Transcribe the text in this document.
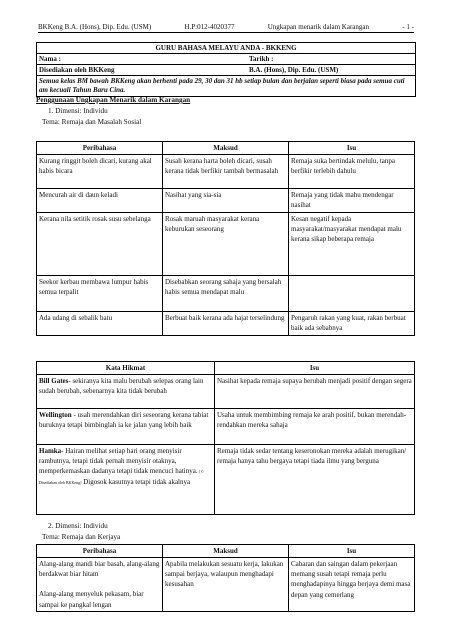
BKKeng B.A. (Hons), Dip. Edu. (USM)	H.P:012-4020377	Ungkapan menarik dalam Karangan	- 1 -
GURU BAHASA MELAYU ANDA - BKKENG
Nama :	Tarikh :
Disediakan oleh BKKeng	B.A. (Hons), Dip. Edu. (USM)
Semua kelas BM bawah BKKeng akan berhenti pada 29, 30 dan 31 hb setiap bulan dan berjalan seperti biasa pada semua cuti am kecuali Tahun Baru Cina.
Penggunaan Ungkapan Menarik dalam Karangan
1. Dimensi: Individu
Tema: Remaja dan Masalah Sosial
Peribahasa	Maksud	Isu
Kurang ringgit boleh dicari, kurang akal habis bicara	Susah kerana harta boleh dicari, susah kerana tidak berfikir tambah bermasalah	Remaja suka bertindak melulu, tanpa berfikir terlebih dahulu
Mencurah air di daun keladi	Nasihat yang sia-sia	Remaja yang tidak mahu mendengar nasihat
Kerana nila setitik rosak susu sebelanga	Rosak maruah masyarakat kerana keburukan seseorang	Kesan negatif kepada masyarakat/masyarakat mendapat malu kerana sikap beberapa remaja
Seekor kerbau membawa lumpur habis semua terpalit	Disebabkan seorang sahaja yang bersalah habis semua mendapat malu	
Ada udang di sebalik batu	Berbuat baik kerana ada hajat terselindung	Pengaruh rakan yang kuat, rakan berbuat baik ada sebabnya
Kata Hikmat	Isu
Bill Gates- sekiranya kita malu berubah selepas orang lain sudah berubah, sebenarnya kita tidak berubah	Nasihat kepada remaja supaya berubah menjadi positif dengan segera
Wellington - usah merendahkan diri seseorang kerana tabiat buruknya tetapi bimbinglah ia ke jalan yang lebih baik	Usaha untuk membimbing remaja ke arah positif, bukan merendah-rendahkan mereka sahaja
Hamka- Hairan melihat setiap hari orang menyisir rambutnya, tetapi tidak pernah menyisir otaknya, memperkemaskan dadanya tetapi tidak mencuci hatinya. [© Disediakan oleh BKKeng] Digosok kasutnya tetapi tidak akalnya	Remaja tidak sedar tentang keseronokan mereka adalah merugikan/ remaja hanya tahu bergaya tetapi tiada ilmu yang berguna
2. Dimensi: Individu
Tema: Remaja dan Kerjaya
Peribahasa	Maksud	Isu

Alang-alang mandi biar basah, alang-alang berdakwat biar hitam
Alang-alang menyeluk pekasam, biar sampai ke pangkal lengan	Apabila melakukan sesuatu kerja, lakukan sampai berjaya, walaupun menghadapi kesusahan	Cabaran dan saingan dalam pekerjaan memang susah tetapi remaja perlu menghadapinya hingga berjaya demi masa depan yang cemerlang
